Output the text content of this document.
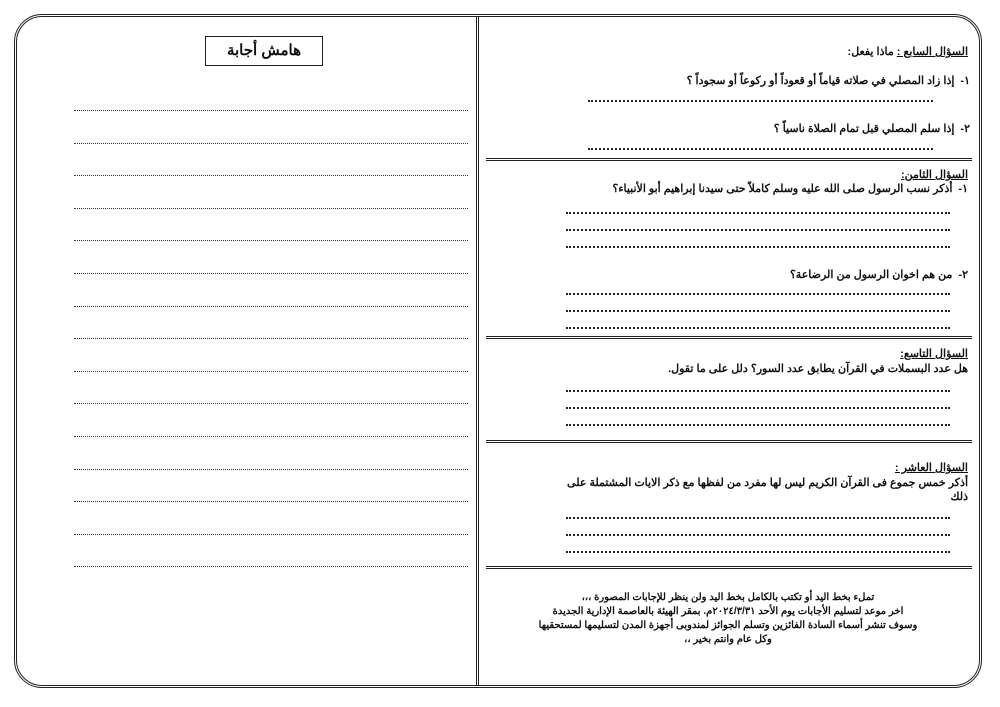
هامش أجابة	السؤال السابع : ماذا يفعل:
١-إذا زاد المصلي في صلاته قياماً أو قعوداً أو ركوعاً أو سجوداً ؟
٢-إذا سلم المصلي قبل تمام الصلاة ناسياً ؟
السؤال الثامن:
١-أذكر نسب الرسول صلى الله عليه وسلم كاملاً حتى سيدنا إبراهيم أبو الأنبياء؟
٢-من هم اخوان الرسول من الرضاعة؟
السؤال التاسع:
هل عدد البسملات في القرآن يطابق عدد السور؟ دلل على ما تقول.
السؤال العاشر :
أذكر خمس جموع فى القرآن الكريم ليس لها مفرد من لفظها مع ذكر الايات المشتملة على
ذلك
تملء بخط اليد أو تكتب بالكامل بخط اليد ولن ينظر للإجابات المصورة ،،،
اخر موعد لتسليم الأجابات يوم الأحد ٢٠٢٤/٣/٣١م. بمقر الهيئة بالعاصمة الإدارية الجديدة
وسوف تنشر أسماء السادة الفائزين وتسلم الجوائز لمندوبى أجهزة المدن لتسليمها لمستحقيها
وكل عام وانتم بخير ،،
